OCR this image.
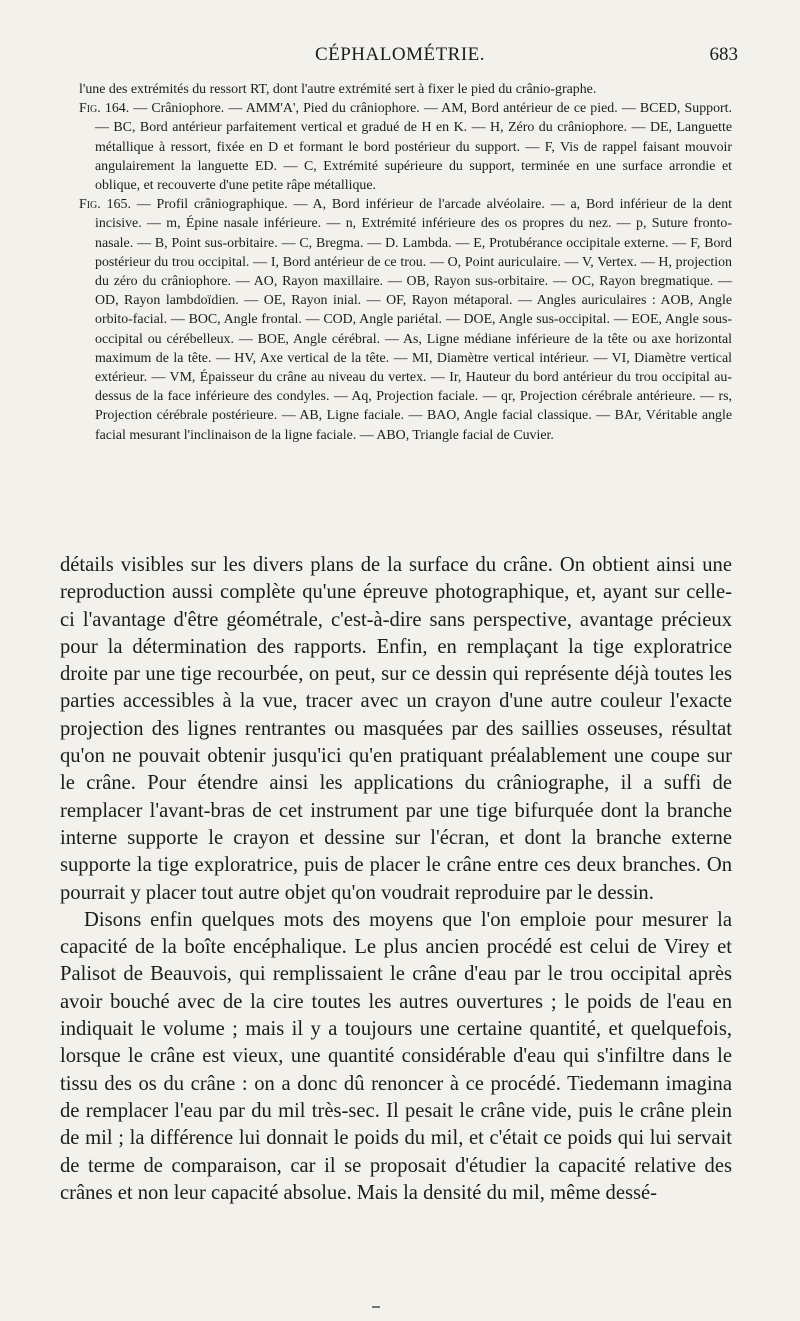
CÉPHALOMÉTRIE.	683

l'une des extrémités du ressort RT, dont l'autre extrémité sert à fixer le pied du crânio-graphe.

Fig. 164. — Crâniophore. — AMM'A', Pied du crâniophore. — AM, Bord antérieur de ce pied. — BCED, Support. — BC, Bord antérieur parfaitement vertical et gradué de H en K. — H, Zéro du crâniophore. — DE, Languette métallique à ressort, fixée en D et formant le bord postérieur du support. — F, Vis de rappel faisant mouvoir angulairement la languette ED. — C, Extrémité supérieure du support, terminée en une surface arrondie et oblique, et recouverte d'une petite râpe métallique.

Fig. 165. — Profil crâniographique. — A, Bord inférieur de l'arcade alvéolaire. — a, Bord inférieur de la dent incisive. — m, Épine nasale inférieure. — n, Extrémité inférieure des os propres du nez. — p, Suture fronto-nasale. — B, Point sus-orbitaire. — C, Bregma. — D. Lambda. — E, Protubérance occipitale externe. — F, Bord postérieur du trou occipital. — I, Bord antérieur de ce trou. — O, Point auriculaire. — V, Vertex. — H, projection du zéro du crâniophore. — AO, Rayon maxillaire. — OB, Rayon sus-orbitaire. — OC, Rayon bregmatique. — OD, Rayon lambdoïdien. — OE, Rayon inial. — OF, Rayon métaporal. — Angles auriculaires : AOB, Angle orbito-facial. — BOC, Angle frontal. — COD, Angle pariétal. — DOE, Angle sus-occipital. — EOE, Angle sous-occipital ou cérébelleux. — BOE, Angle cérébral. — As, Ligne médiane inférieure de la tête ou axe horizontal maximum de la tête. — HV, Axe vertical de la tête. — MI, Diamètre vertical intérieur. — VI, Diamètre vertical extérieur. — VM, Épaisseur du crâne au niveau du vertex. — Ir, Hauteur du bord antérieur du trou occipital au-dessus de la face inférieure des condyles. — Aq, Projection faciale. — qr, Projection cérébrale antérieure. — rs, Projection cérébrale postérieure. — AB, Ligne faciale. — BAO, Angle facial classique. — BAr, Véritable angle facial mesurant l'inclinaison de la ligne faciale. — ABO, Triangle facial de Cuvier.

détails visibles sur les divers plans de la surface du crâne. On obtient ainsi une reproduction aussi complète qu'une épreuve photographique, et, ayant sur celle-ci l'avantage d'être géométrale, c'est-à-dire sans perspective, avantage précieux pour la détermination des rapports. Enfin, en remplaçant la tige exploratrice droite par une tige recourbée, on peut, sur ce dessin qui représente déjà toutes les parties accessibles à la vue, tracer avec un crayon d'une autre couleur l'exacte projection des lignes rentrantes ou masquées par des saillies osseuses, résultat qu'on ne pouvait obtenir jusqu'ici qu'en pratiquant préalablement une coupe sur le crâne. Pour étendre ainsi les applications du crâniographe, il a suffi de remplacer l'avant-bras de cet instrument par une tige bifurquée dont la branche interne supporte le crayon et dessine sur l'écran, et dont la branche externe supporte la tige exploratrice, puis de placer le crâne entre ces deux branches. On pourrait y placer tout autre objet qu'on voudrait reproduire par le dessin.

Disons enfin quelques mots des moyens que l'on emploie pour mesurer la capacité de la boîte encéphalique. Le plus ancien procédé est celui de Virey et Palisot de Beauvois, qui remplissaient le crâne d'eau par le trou occipital après avoir bouché avec de la cire toutes les autres ouvertures ; le poids de l'eau en indiquait le volume ; mais il y a toujours une certaine quantité, et quelquefois, lorsque le crâne est vieux, une quantité considérable d'eau qui s'infiltre dans le tissu des os du crâne : on a donc dû renoncer à ce procédé. Tiedemann imagina de remplacer l'eau par du mil très-sec. Il pesait le crâne vide, puis le crâne plein de mil ; la différence lui donnait le poids du mil, et c'était ce poids qui lui servait de terme de comparaison, car il se proposait d'étudier la capacité relative des crânes et non leur capacité absolue. Mais la densité du mil, même dessé-
